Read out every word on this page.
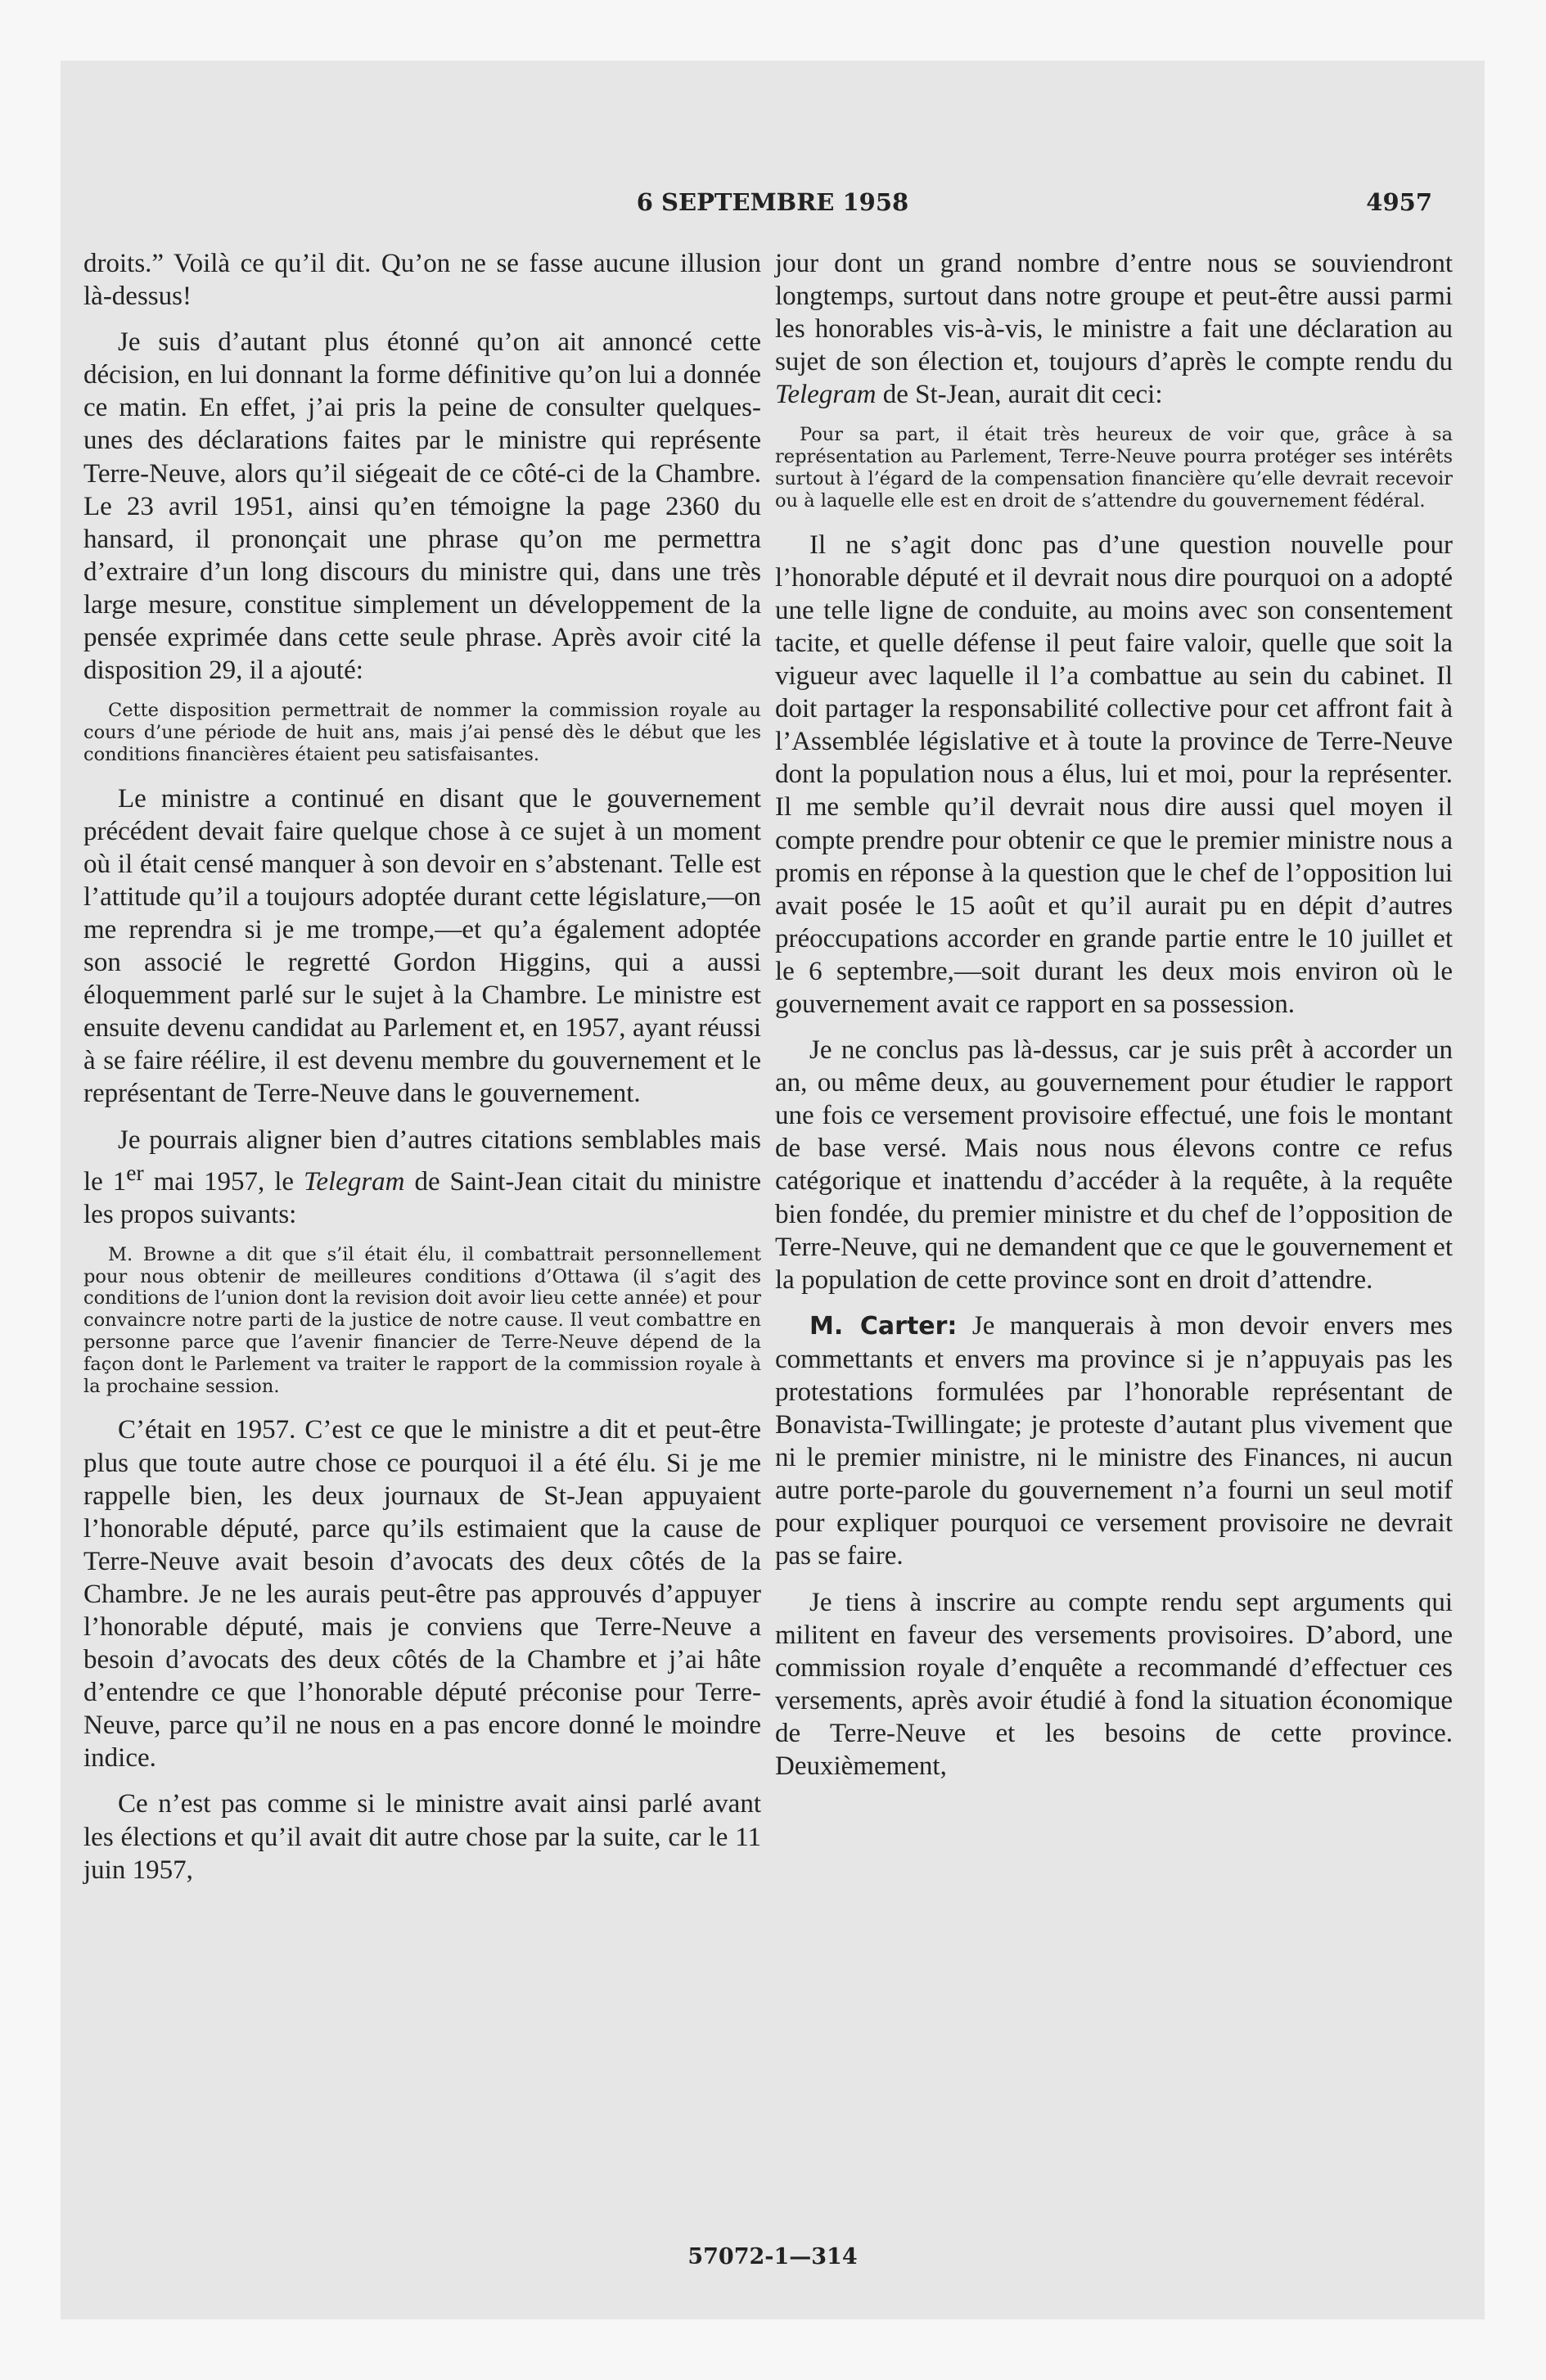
6 SEPTEMBRE 1958	4957

droits.” Voilà ce qu’il dit. Qu’on ne se fasse aucune illusion là-dessus!

Je suis d’autant plus étonné qu’on ait annoncé cette décision, en lui donnant la forme définitive qu’on lui a donnée ce matin. En effet, j’ai pris la peine de consulter quelques-unes des déclarations faites par le ministre qui représente Terre-Neuve, alors qu’il siégeait de ce côté-ci de la Chambre. Le 23 avril 1951, ainsi qu’en témoigne la page 2360 du hansard, il prononçait une phrase qu’on me permettra d’extraire d’un long discours du ministre qui, dans une très large mesure, constitue simplement un développement de la pensée exprimée dans cette seule phrase. Après avoir cité la disposition 29, il a ajouté:

Cette disposition permettrait de nommer la commission royale au cours d’une période de huit ans, mais j’ai pensé dès le début que les conditions financières étaient peu satisfaisantes.

Le ministre a continué en disant que le gouvernement précédent devait faire quelque chose à ce sujet à un moment où il était censé manquer à son devoir en s’abstenant. Telle est l’attitude qu’il a toujours adoptée durant cette législature,—on me reprendra si je me trompe,—et qu’a également adoptée son associé le regretté Gordon Higgins, qui a aussi éloquemment parlé sur le sujet à la Chambre. Le ministre est ensuite devenu candidat au Parlement et, en 1957, ayant réussi à se faire réélire, il est devenu membre du gouvernement et le représentant de Terre-Neuve dans le gouvernement.

Je pourrais aligner bien d’autres citations semblables mais le 1er mai 1957, le Telegram de Saint-Jean citait du ministre les propos suivants:

M. Browne a dit que s’il était élu, il combattrait personnellement pour nous obtenir de meilleures conditions d’Ottawa (il s’agit des conditions de l’union dont la revision doit avoir lieu cette année) et pour convaincre notre parti de la justice de notre cause. Il veut combattre en personne parce que l’avenir financier de Terre-Neuve dépend de la façon dont le Parlement va traiter le rapport de la commission royale à la prochaine session.

C’était en 1957. C’est ce que le ministre a dit et peut-être plus que toute autre chose ce pourquoi il a été élu. Si je me rappelle bien, les deux journaux de St-Jean appuyaient l’honorable député, parce qu’ils estimaient que la cause de Terre-Neuve avait besoin d’avocats des deux côtés de la Chambre. Je ne les aurais peut-être pas approuvés d’appuyer l’honorable député, mais je conviens que Terre-Neuve a besoin d’avocats des deux côtés de la Chambre et j’ai hâte d’entendre ce que l’honorable député préconise pour Terre-Neuve, parce qu’il ne nous en a pas encore donné le moindre indice.

Ce n’est pas comme si le ministre avait ainsi parlé avant les élections et qu’il avait dit autre chose par la suite, car le 11 juin 1957,

jour dont un grand nombre d’entre nous se souviendront longtemps, surtout dans notre groupe et peut-être aussi parmi les honorables vis-à-vis, le ministre a fait une déclaration au sujet de son élection et, toujours d’après le compte rendu du Telegram de St-Jean, aurait dit ceci:

Pour sa part, il était très heureux de voir que, grâce à sa représentation au Parlement, Terre-Neuve pourra protéger ses intérêts surtout à l’égard de la compensation financière qu’elle devrait recevoir ou à laquelle elle est en droit de s’attendre du gouvernement fédéral.

Il ne s’agit donc pas d’une question nouvelle pour l’honorable député et il devrait nous dire pourquoi on a adopté une telle ligne de conduite, au moins avec son consentement tacite, et quelle défense il peut faire valoir, quelle que soit la vigueur avec laquelle il l’a combattue au sein du cabinet. Il doit partager la responsabilité collective pour cet affront fait à l’Assemblée législative et à toute la province de Terre-Neuve dont la population nous a élus, lui et moi, pour la représenter. Il me semble qu’il devrait nous dire aussi quel moyen il compte prendre pour obtenir ce que le premier ministre nous a promis en réponse à la question que le chef de l’opposition lui avait posée le 15 août et qu’il aurait pu en dépit d’autres préoccupations accorder en grande partie entre le 10 juillet et le 6 septembre,—soit durant les deux mois environ où le gouvernement avait ce rapport en sa possession.

Je ne conclus pas là-dessus, car je suis prêt à accorder un an, ou même deux, au gouvernement pour étudier le rapport une fois ce versement provisoire effectué, une fois le montant de base versé. Mais nous nous élevons contre ce refus catégorique et inattendu d’accéder à la requête, à la requête bien fondée, du premier ministre et du chef de l’opposition de Terre-Neuve, qui ne demandent que ce que le gouvernement et la population de cette province sont en droit d’attendre.

M. Carter: Je manquerais à mon devoir envers mes commettants et envers ma province si je n’appuyais pas les protestations formulées par l’honorable représentant de Bonavista-Twillingate; je proteste d’autant plus vivement que ni le premier ministre, ni le ministre des Finances, ni aucun autre porte-parole du gouvernement n’a fourni un seul motif pour expliquer pourquoi ce versement provisoire ne devrait pas se faire.

Je tiens à inscrire au compte rendu sept arguments qui militent en faveur des versements provisoires. D’abord, une commission royale d’enquête a recommandé d’effectuer ces versements, après avoir étudié à fond la situation économique de Terre-Neuve et les besoins de cette province. Deuxièmement,

57072-1—314
